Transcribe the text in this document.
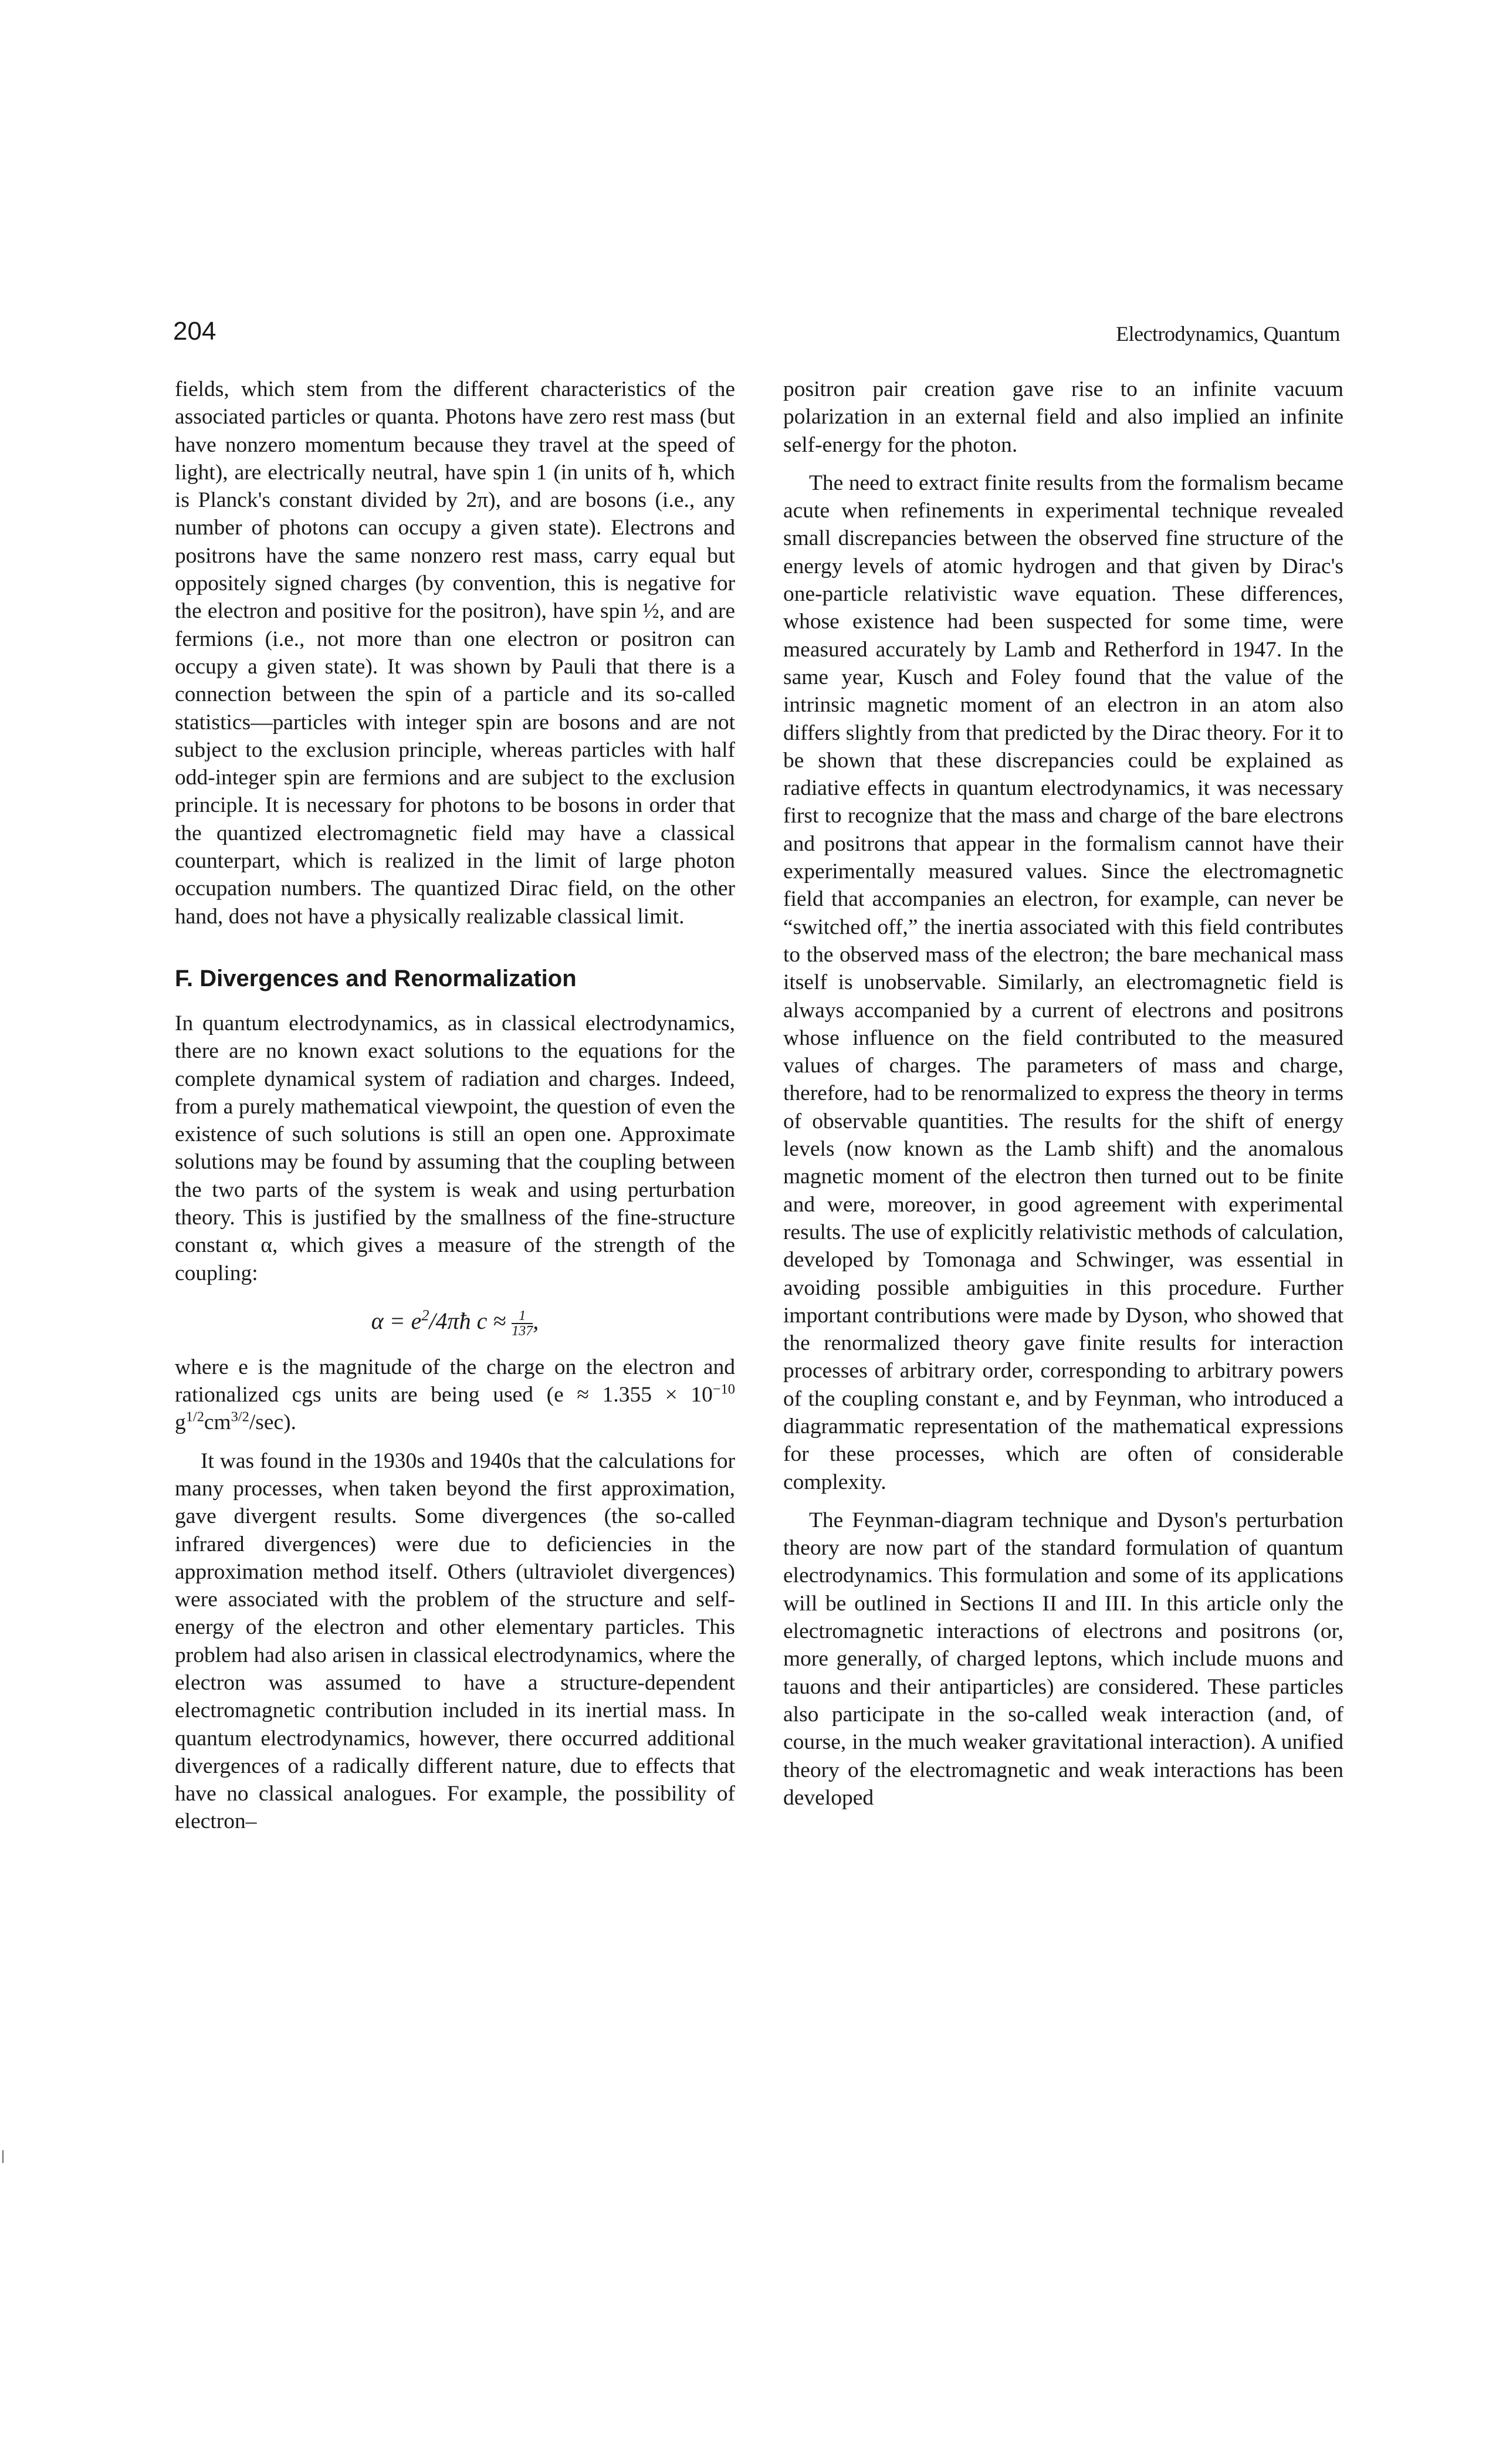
204	Electrodynamics, Quantum

fields, which stem from the different characteristics of the associated particles or quanta. Photons have zero rest mass (but have nonzero momentum because they travel at the speed of light), are electrically neutral, have spin 1 (in units of ħ, which is Planck's constant divided by 2π), and are bosons (i.e., any number of photons can occupy a given state). Electrons and positrons have the same nonzero rest mass, carry equal but oppositely signed charges (by convention, this is negative for the electron and positive for the positron), have spin ½, and are fermions (i.e., not more than one electron or positron can occupy a given state). It was shown by Pauli that there is a connection between the spin of a particle and its so-called statistics—particles with integer spin are bosons and are not subject to the exclusion principle, whereas particles with half odd-integer spin are fermions and are subject to the exclusion principle. It is necessary for photons to be bosons in order that the quantized electromagnetic field may have a classical counterpart, which is realized in the limit of large photon occupation numbers. The quantized Dirac field, on the other hand, does not have a physically realizable classical limit.

F. Divergences and Renormalization

In quantum electrodynamics, as in classical electrodynamics, there are no known exact solutions to the equations for the complete dynamical system of radiation and charges. Indeed, from a purely mathematical viewpoint, the question of even the existence of such solutions is still an open one. Approximate solutions may be found by assuming that the coupling between the two parts of the system is weak and using perturbation theory. This is justified by the smallness of the fine-structure constant α, which gives a measure of the strength of the coupling:

$\alpha = e^2/4\pi ħ$ $c \approx \frac{1}{137}$ ,

where e is the magnitude of the charge on the electron and rationalized cgs units are being used ($e \approx 1.355 \times 10^{-10}$ $g^{1/2}cm^{3/2}/\sec$).

It was found in the 1930s and 1940s that the calculations for many processes, when taken beyond the first approximation, gave divergent results. Some divergences (the so-called infrared divergences) were due to deficiencies in the approximation method itself. Others (ultraviolet divergences) were associated with the problem of the structure and self-energy of the electron and other elementary particles. This problem had also arisen in classical electrodynamics, where the electron was assumed to have a structure-dependent electromagnetic contribution included in its inertial mass. In quantum electrodynamics, however, there occurred additional divergences of a radically different nature, due to effects that have no classical analogues. For example, the possibility of electron–

positron pair creation gave rise to an infinite vacuum polarization in an external field and also implied an infinite self-energy for the photon.

The need to extract finite results from the formalism became acute when refinements in experimental technique revealed small discrepancies between the observed fine structure of the energy levels of atomic hydrogen and that given by Dirac's one-particle relativistic wave equation. These differences, whose existence had been suspected for some time, were measured accurately by Lamb and Retherford in 1947. In the same year, Kusch and Foley found that the value of the intrinsic magnetic moment of an electron in an atom also differs slightly from that predicted by the Dirac theory. For it to be shown that these discrepancies could be explained as radiative effects in quantum electrodynamics, it was necessary first to recognize that the mass and charge of the bare electrons and positrons that appear in the formalism cannot have their experimentally measured values. Since the electromagnetic field that accompanies an electron, for example, can never be “switched off,” the inertia associated with this field contributes to the observed mass of the electron; the bare mechanical mass itself is unobservable. Similarly, an electromagnetic field is always accompanied by a current of electrons and positrons whose influence on the field contributed to the measured values of charges. The parameters of mass and charge, therefore, had to be renormalized to express the theory in terms of observable quantities. The results for the shift of energy levels (now known as the Lamb shift) and the anomalous magnetic moment of the electron then turned out to be finite and were, moreover, in good agreement with experimental results. The use of explicitly relativistic methods of calculation, developed by Tomonaga and Schwinger, was essential in avoiding possible ambiguities in this procedure. Further important contributions were made by Dyson, who showed that the renormalized theory gave finite results for interaction processes of arbitrary order, corresponding to arbitrary powers of the coupling constant e, and by Feynman, who introduced a diagrammatic representation of the mathematical expressions for these processes, which are often of considerable complexity.

The Feynman-diagram technique and Dyson's perturbation theory are now part of the standard formulation of quantum electrodynamics. This formulation and some of its applications will be outlined in Sections II and III. In this article only the electromagnetic interactions of electrons and positrons (or, more generally, of charged leptons, which include muons and tauons and their antiparticles) are considered. These particles also participate in the so-called weak interaction (and, of course, in the much weaker gravitational interaction). A unified theory of the electromagnetic and weak interactions has been developed
